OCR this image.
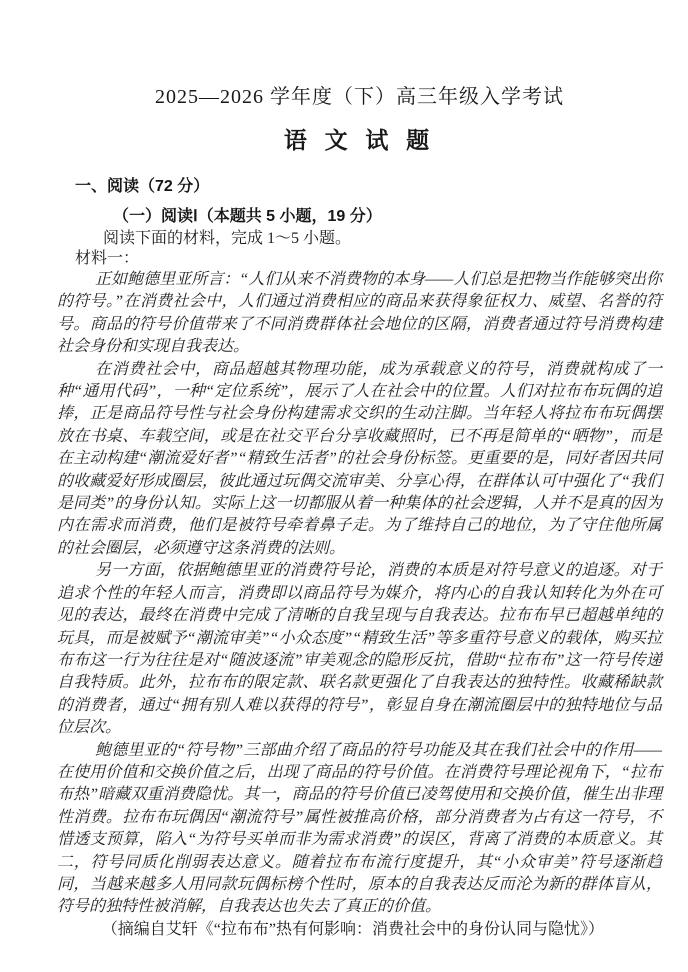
2025—2026 学年度（下）高三年级入学考试
语 文 试 题
一、阅读（72 分）
（一）阅读Ⅰ（本题共 5 小题，19 分）
阅读下面的材料，完成 1～5 小题。
材料一：

正如鲍德里亚所言：“人们从来不消费物的本身——人们总是把物当作能够突出你的符号。”在消费社会中，人们通过消费相应的商品来获得象征权力、威望、名誉的符号。商品的符号价值带来了不同消费群体社会地位的区隔，消费者通过符号消费构建社会身份和实现自我表达。

在消费社会中，商品超越其物理功能，成为承载意义的符号，消费就构成了一种“通用代码”，一种“定位系统”，展示了人在社会中的位置。人们对拉布布玩偶的追捧，正是商品符号性与社会身份构建需求交织的生动注脚。当年轻人将拉布布玩偶摆放在书桌、车载空间，或是在社交平台分享收藏照时，已不再是简单的“晒物”，而是在主动构建“潮流爱好者”“精致生活者”的社会身份标签。更重要的是，同好者因共同的收藏爱好形成圈层，彼此通过玩偶交流审美、分享心得，在群体认可中强化了“我们是同类”的身份认知。实际上这一切都服从着一种集体的社会逻辑，人并不是真的因为内在需求而消费，他们是被符号牵着鼻子走。为了维持自己的地位，为了守住他所属的社会圈层，必须遵守这条消费的法则。

另一方面，依据鲍德里亚的消费符号论，消费的本质是对符号意义的追逐。对于追求个性的年轻人而言，消费即以商品符号为媒介，将内心的自我认知转化为外在可见的表达，最终在消费中完成了清晰的自我呈现与自我表达。拉布布早已超越单纯的玩具，而是被赋予“潮流审美”“小众态度”“精致生活”等多重符号意义的载体，购买拉布布这一行为往往是对“随波逐流”审美观念的隐形反抗，借助“拉布布”这一符号传递自我特质。此外，拉布布的限定款、联名款更强化了自我表达的独特性。收藏稀缺款的消费者，通过“拥有别人难以获得的符号”，彰显自身在潮流圈层中的独特地位与品位层次。

鲍德里亚的“符号物”三部曲介绍了商品的符号功能及其在我们社会中的作用——在使用价值和交换价值之后，出现了商品的符号价值。在消费符号理论视角下，“拉布布热”暗藏双重消费隐忧。其一，商品的符号价值已凌驾使用和交换价值，催生出非理性消费。拉布布玩偶因“潮流符号”属性被推高价格，部分消费者为占有这一符号，不惜透支预算，陷入“为符号买单而非为需求消费”的误区，背离了消费的本质意义。其二，符号同质化削弱表达意义。随着拉布布流行度提升，其“小众审美”符号逐渐趋同，当越来越多人用同款玩偶标榜个性时，原本的自我表达反而沦为新的群体盲从，符号的独特性被消解，自我表达也失去了真正的价值。

（摘编自艾轩《“拉布布”热有何影响：消费社会中的身份认同与隐忧》）
